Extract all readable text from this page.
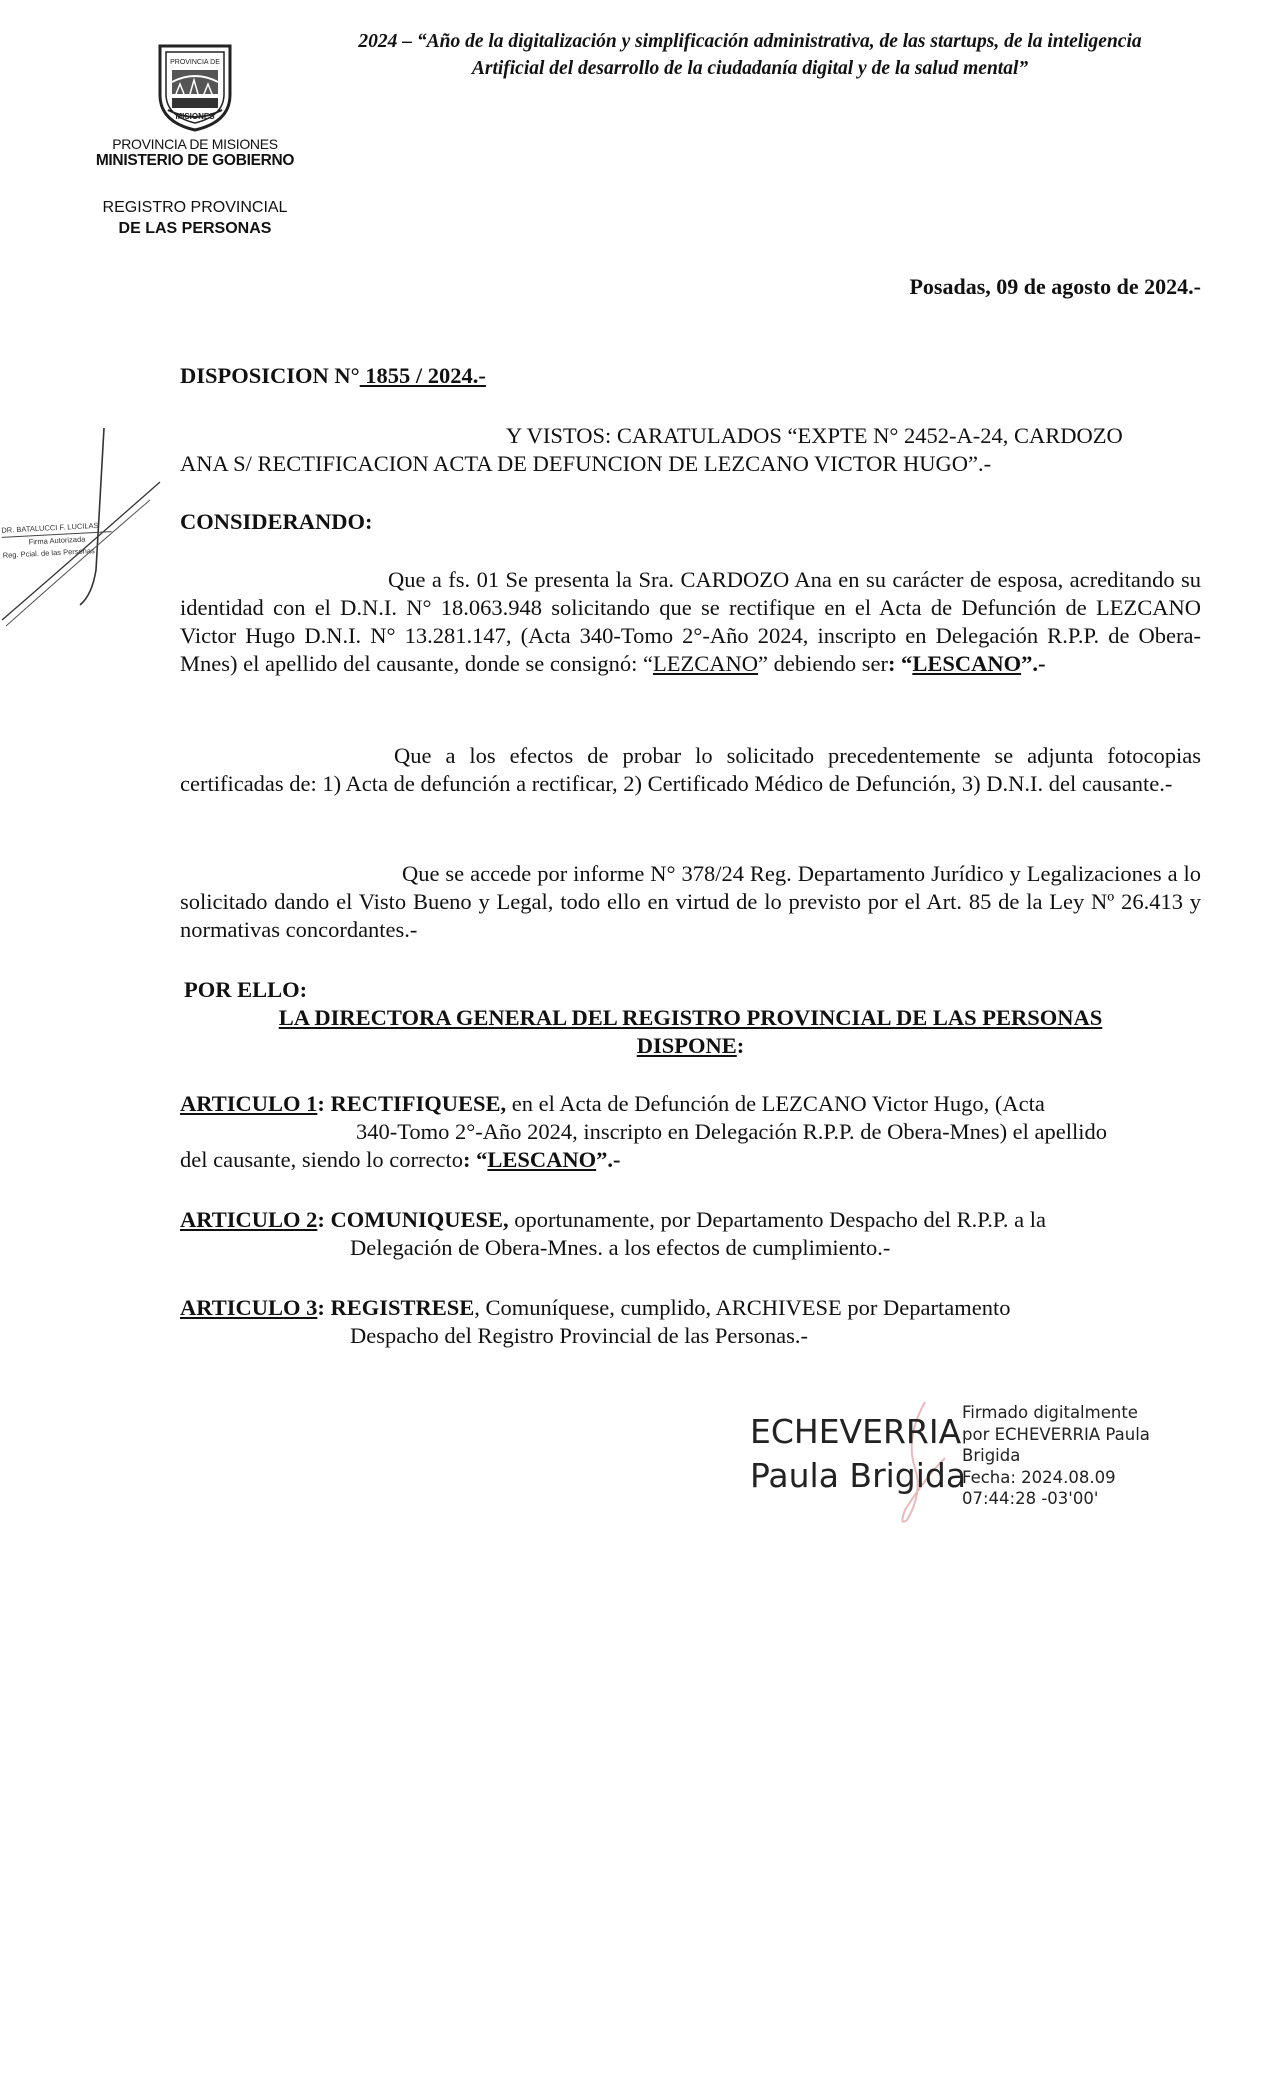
2024 – “Año de la digitalización y simplificación administrativa, de las startups, de la inteligencia
Artificial del desarrollo de la ciudadanía digital y de la salud mental”
PROVINCIA DE
MISIONES
PROVINCIA DE MISIONES
MINISTERIO DE GOBIERNO
REGISTRO PROVINCIAL
DE LAS PERSONAS
Posadas, 09 de agosto de 2024.-
DR. BATALUCCI F. LUCILAS
Firma Autorizada
Reg. Pcial. de las Personas
DISPOSICION N° 1855 / 2024.-
Y VISTOS: CARATULADOS “EXPTE N° 2452-A-24, CARDOZO
ANA S/ RECTIFICACION ACTA DE DEFUNCION DE LEZCANO VICTOR HUGO”.-
CONSIDERANDO:
Que a fs. 01 Se presenta la Sra. CARDOZO Ana en su carácter de esposa, acreditando su identidad con el D.N.I. N° 18.063.948 solicitando que se rectifique en el Acta de Defunción de LEZCANO Victor Hugo D.N.I. N° 13.281.147, (Acta 340-Tomo 2°-Año 2024, inscripto en Delegación R.P.P. de Obera-Mnes) el apellido del causante, donde se consignó: “LEZCANO” debiendo ser: “LESCANO”.-
Que a los efectos de probar lo solicitado precedentemente se adjunta fotocopias certificadas de: 1) Acta de defunción a rectificar, 2) Certificado Médico de Defunción, 3) D.N.I. del causante.-
Que se accede por informe N° 378/24 Reg. Departamento Jurídico y Legalizaciones a lo solicitado dando el Visto Bueno y Legal, todo ello en virtud de lo previsto por el Art. 85 de la Ley Nº 26.413 y normativas concordantes.-
POR ELLO:
LA DIRECTORA GENERAL DEL REGISTRO PROVINCIAL DE LAS PERSONAS
DISPONE:
ARTICULO 1: RECTIFIQUESE, en el Acta de Defunción de LEZCANO Victor Hugo, (Acta
340-Tomo 2°-Año 2024, inscripto en Delegación R.P.P. de Obera-Mnes) el apellido
del causante, siendo lo correcto: “LESCANO”.-
ARTICULO 2: COMUNIQUESE, oportunamente, por Departamento Despacho del R.P.P. a la
Delegación de Obera-Mnes. a los efectos de cumplimiento.-
ARTICULO 3: REGISTRESE, Comuníquese, cumplido, ARCHIVESE por Departamento
Despacho del Registro Provincial de las Personas.-
ECHEVERRIA
Paula Brigida
Firmado digitalmente
por ECHEVERRIA Paula
Brigida
Fecha: 2024.08.09
07:44:28 -03'00'
